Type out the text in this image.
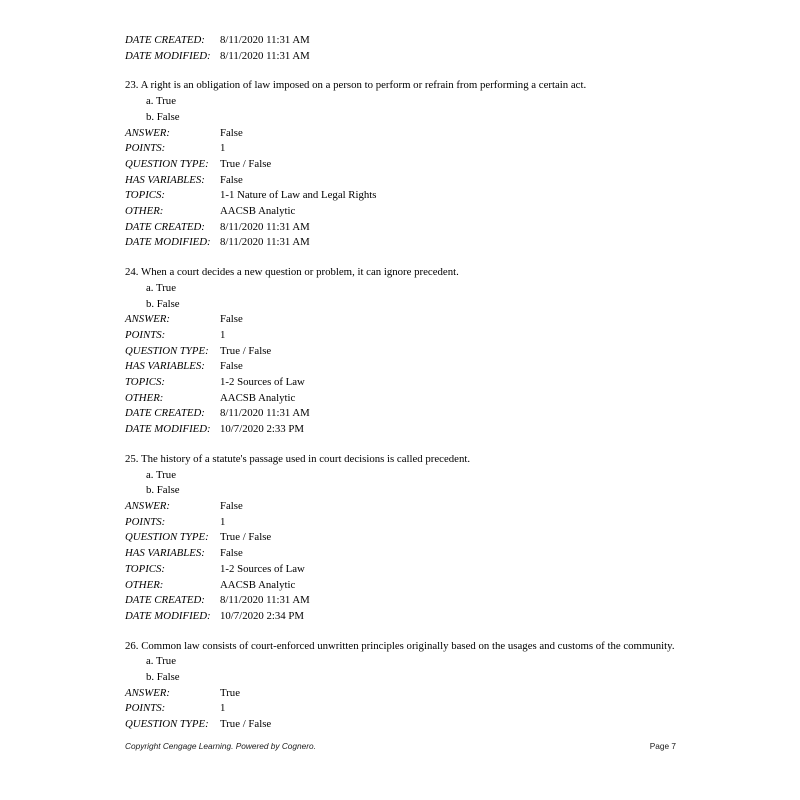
DATE CREATED:	8/11/2020 11:31 AM
DATE MODIFIED: 8/11/2020 11:31 AM

23. A right is an obligation of law imposed on a person to perform or refrain from performing a certain act.

a. True
b. False
ANSWER:	False
POINTS:	1
QUESTION TYPE:	True / False
HAS VARIABLES:	False
TOPICS:	1-1 Nature of Law and Legal Rights
OTHER:	AACSB Analytic
DATE CREATED:	8/11/2020 11:31 AM
DATE MODIFIED: 8/11/2020 11:31 AM

24. When a court decides a new question or problem, it can ignore precedent.

a. True
b. False
ANSWER:	False
POINTS:	1
QUESTION TYPE:	True / False
HAS VARIABLES:	False
TOPICS:	1-2 Sources of Law
OTHER:	AACSB Analytic
DATE CREATED:	8/11/2020 11:31 AM
DATE MODIFIED: 10/7/2020 2:33 PM

25. The history of a statute's passage used in court decisions is called precedent.

a. True
b. False
ANSWER:	False
POINTS:	1
QUESTION TYPE:	True / False
HAS VARIABLES:	False
TOPICS:	1-2 Sources of Law
OTHER:	AACSB Analytic
DATE CREATED:	8/11/2020 11:31 AM
DATE MODIFIED: 10/7/2020 2:34 PM

26. Common law consists of court-enforced unwritten principles originally based on the usages and customs of the community.

a. True
b. False
ANSWER:	True
POINTS:	1
QUESTION TYPE:	True / False
Copyright Cengage Learning. Powered by Cognero.	Page 7
